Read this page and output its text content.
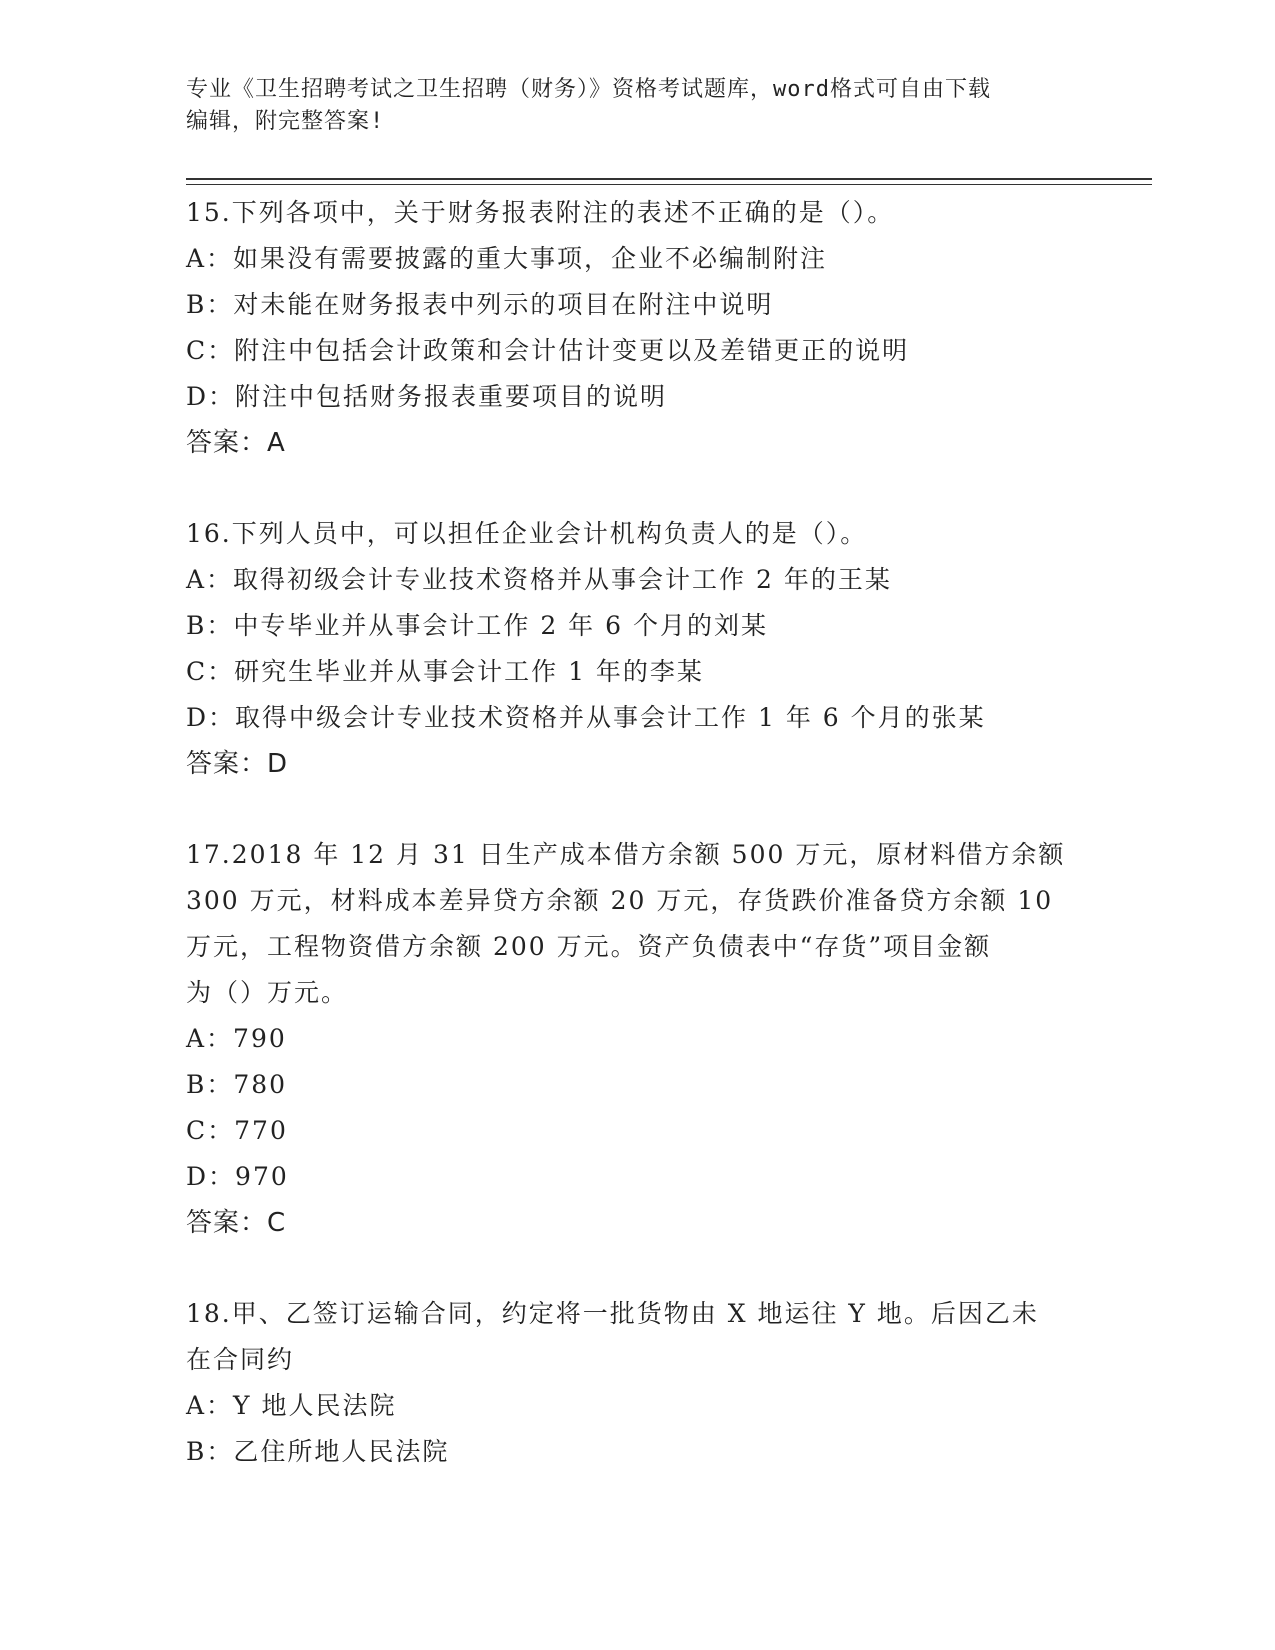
专业《卫生招聘考试之卫生招聘（财务）》资格考试题库，word格式可自由下载
编辑，附完整答案!
15.下列各项中，关于财务报表附注的表述不正确的是（）。
A：如果没有需要披露的重大事项，企业不必编制附注
B：对未能在财务报表中列示的项目在附注中说明
C：附注中包括会计政策和会计估计变更以及差错更正的说明
D：附注中包括财务报表重要项目的说明
答案：A
16.下列人员中，可以担任企业会计机构负责人的是（）。
A：取得初级会计专业技术资格并从事会计工作 2 年的王某
B：中专毕业并从事会计工作 2 年 6 个月的刘某
C：研究生毕业并从事会计工作 1 年的李某
D：取得中级会计专业技术资格并从事会计工作 1 年 6 个月的张某
答案：D
17.2018 年 12 月 31 日生产成本借方余额 500 万元，原材料借方余额
300 万元，材料成本差异贷方余额 20 万元，存货跌价准备贷方余额 10
万元，工程物资借方余额 200 万元。资产负债表中“存货”项目金额
为（）万元。
A：790
B：780
C：770
D：970
答案：C
18.甲、乙签订运输合同，约定将一批货物由 X 地运往 Y 地。后因乙未
在合同约
A：Y 地人民法院
B：乙住所地人民法院
